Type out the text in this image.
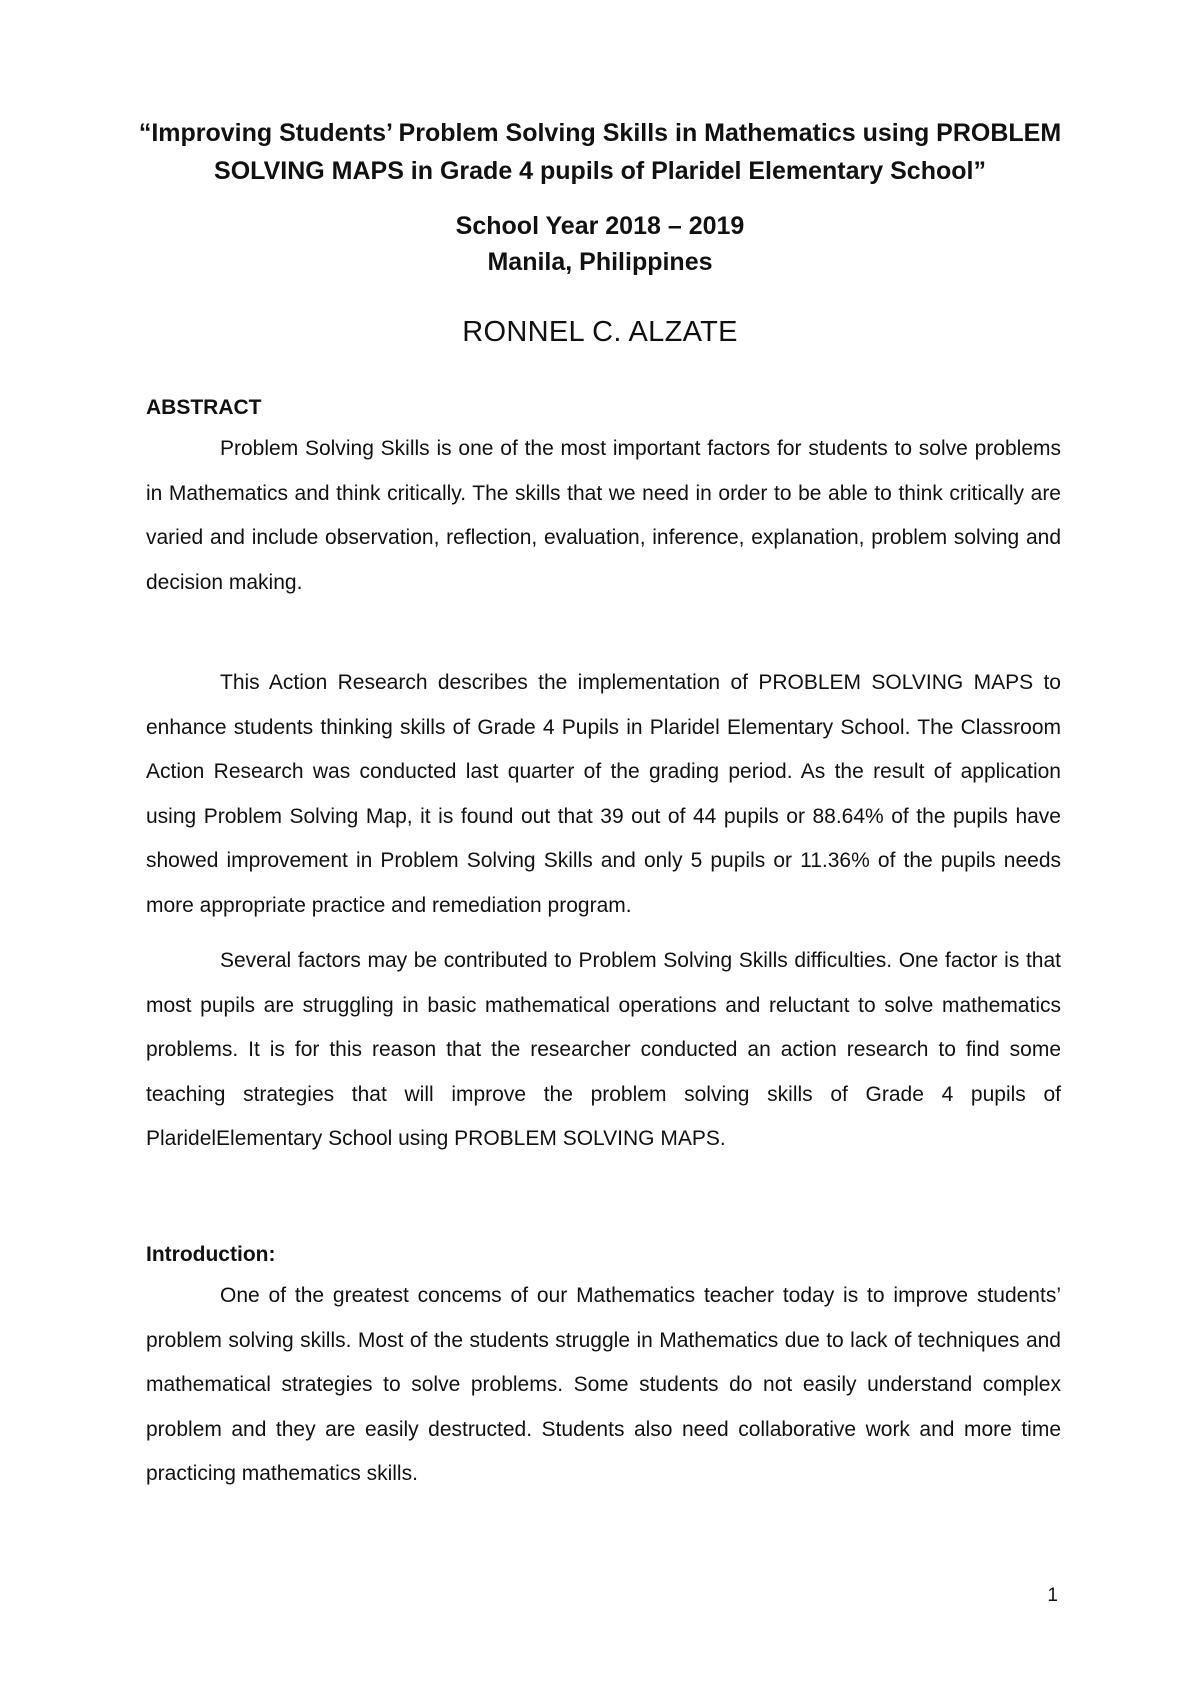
“Improving Students’ Problem Solving Skills in Mathematics using PROBLEM
SOLVING MAPS in Grade 4 pupils of Plaridel Elementary School”
School Year 2018 – 2019
Manila, Philippines
RONNEL C. ALZATE
ABSTRACT

Problem Solving Skills is one of the most important factors for students to solve problems in Mathematics and think critically. The skills that we need in order to be able to think critically are varied and include observation, reflection, evaluation, inference, explanation, problem solving and decision making.

This Action Research describes the implementation of PROBLEM SOLVING MAPS to enhance students thinking skills of Grade 4 Pupils in Plaridel Elementary School. The Classroom Action Research was conducted last quarter of the grading period. As the result of application using Problem Solving Map, it is found out that 39 out of 44 pupils or 88.64% of the pupils have showed improvement in Problem Solving Skills and only 5 pupils or 11.36% of the pupils needs more appropriate practice and remediation program.

Several factors may be contributed to Problem Solving Skills difficulties. One factor is that most pupils are struggling in basic mathematical operations and reluctant to solve mathematics problems. It is for this reason that the researcher conducted an action research to find some teaching strategies that will improve the problem solving skills of Grade 4 pupils of PlaridelElementary School using PROBLEM SOLVING MAPS.

Introduction:

One of the greatest concems of our Mathematics teacher today is to improve students’ problem solving skills. Most of the students struggle in Mathematics due to lack of techniques and mathematical strategies to solve problems. Some students do not easily understand complex problem and they are easily destructed. Students also need collaborative work and more time practicing mathematics skills.

1
